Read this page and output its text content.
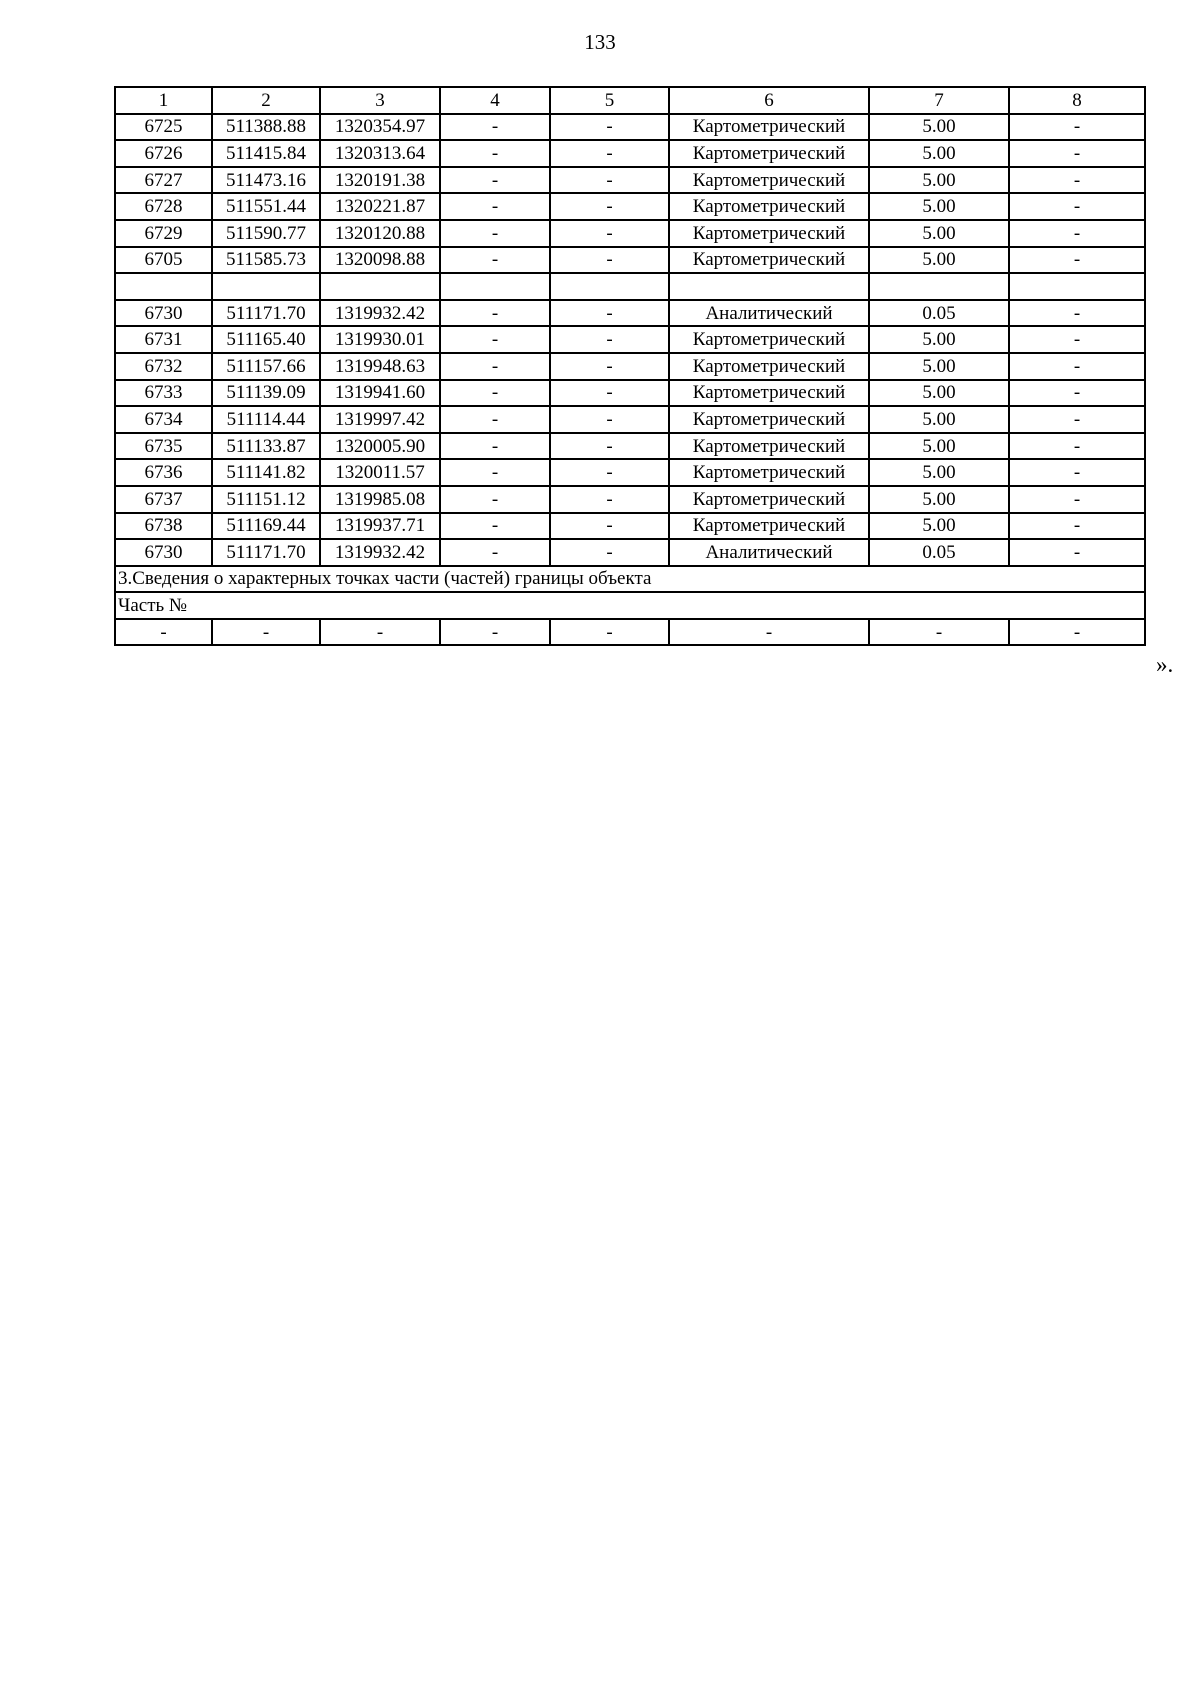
133
1	2	3	4	5	6	7	8
6725	511388.88	1320354.97	-	-	Картометрический	5.00	-
6726	511415.84	1320313.64	-	-	Картометрический	5.00	-
6727	511473.16	1320191.38	-	-	Картометрический	5.00	-
6728	511551.44	1320221.87	-	-	Картометрический	5.00	-
6729	511590.77	1320120.88	-	-	Картометрический	5.00	-
6705	511585.73	1320098.88	-	-	Картометрический	5.00	-

6730	511171.70	1319932.42	-	-	Аналитический	0.05	-
6731	511165.40	1319930.01	-	-	Картометрический	5.00	-
6732	511157.66	1319948.63	-	-	Картометрический	5.00	-
6733	511139.09	1319941.60	-	-	Картометрический	5.00	-
6734	511114.44	1319997.42	-	-	Картометрический	5.00	-
6735	511133.87	1320005.90	-	-	Картометрический	5.00	-
6736	511141.82	1320011.57	-	-	Картометрический	5.00	-
6737	511151.12	1319985.08	-	-	Картометрический	5.00	-
6738	511169.44	1319937.71	-	-	Картометрический	5.00	-
6730	511171.70	1319932.42	-	-	Аналитический	0.05	-
3.Сведения о характерных точках части (частей) границы объекта							
Часть №							
-	-	-	-	-	-	-	-
».
